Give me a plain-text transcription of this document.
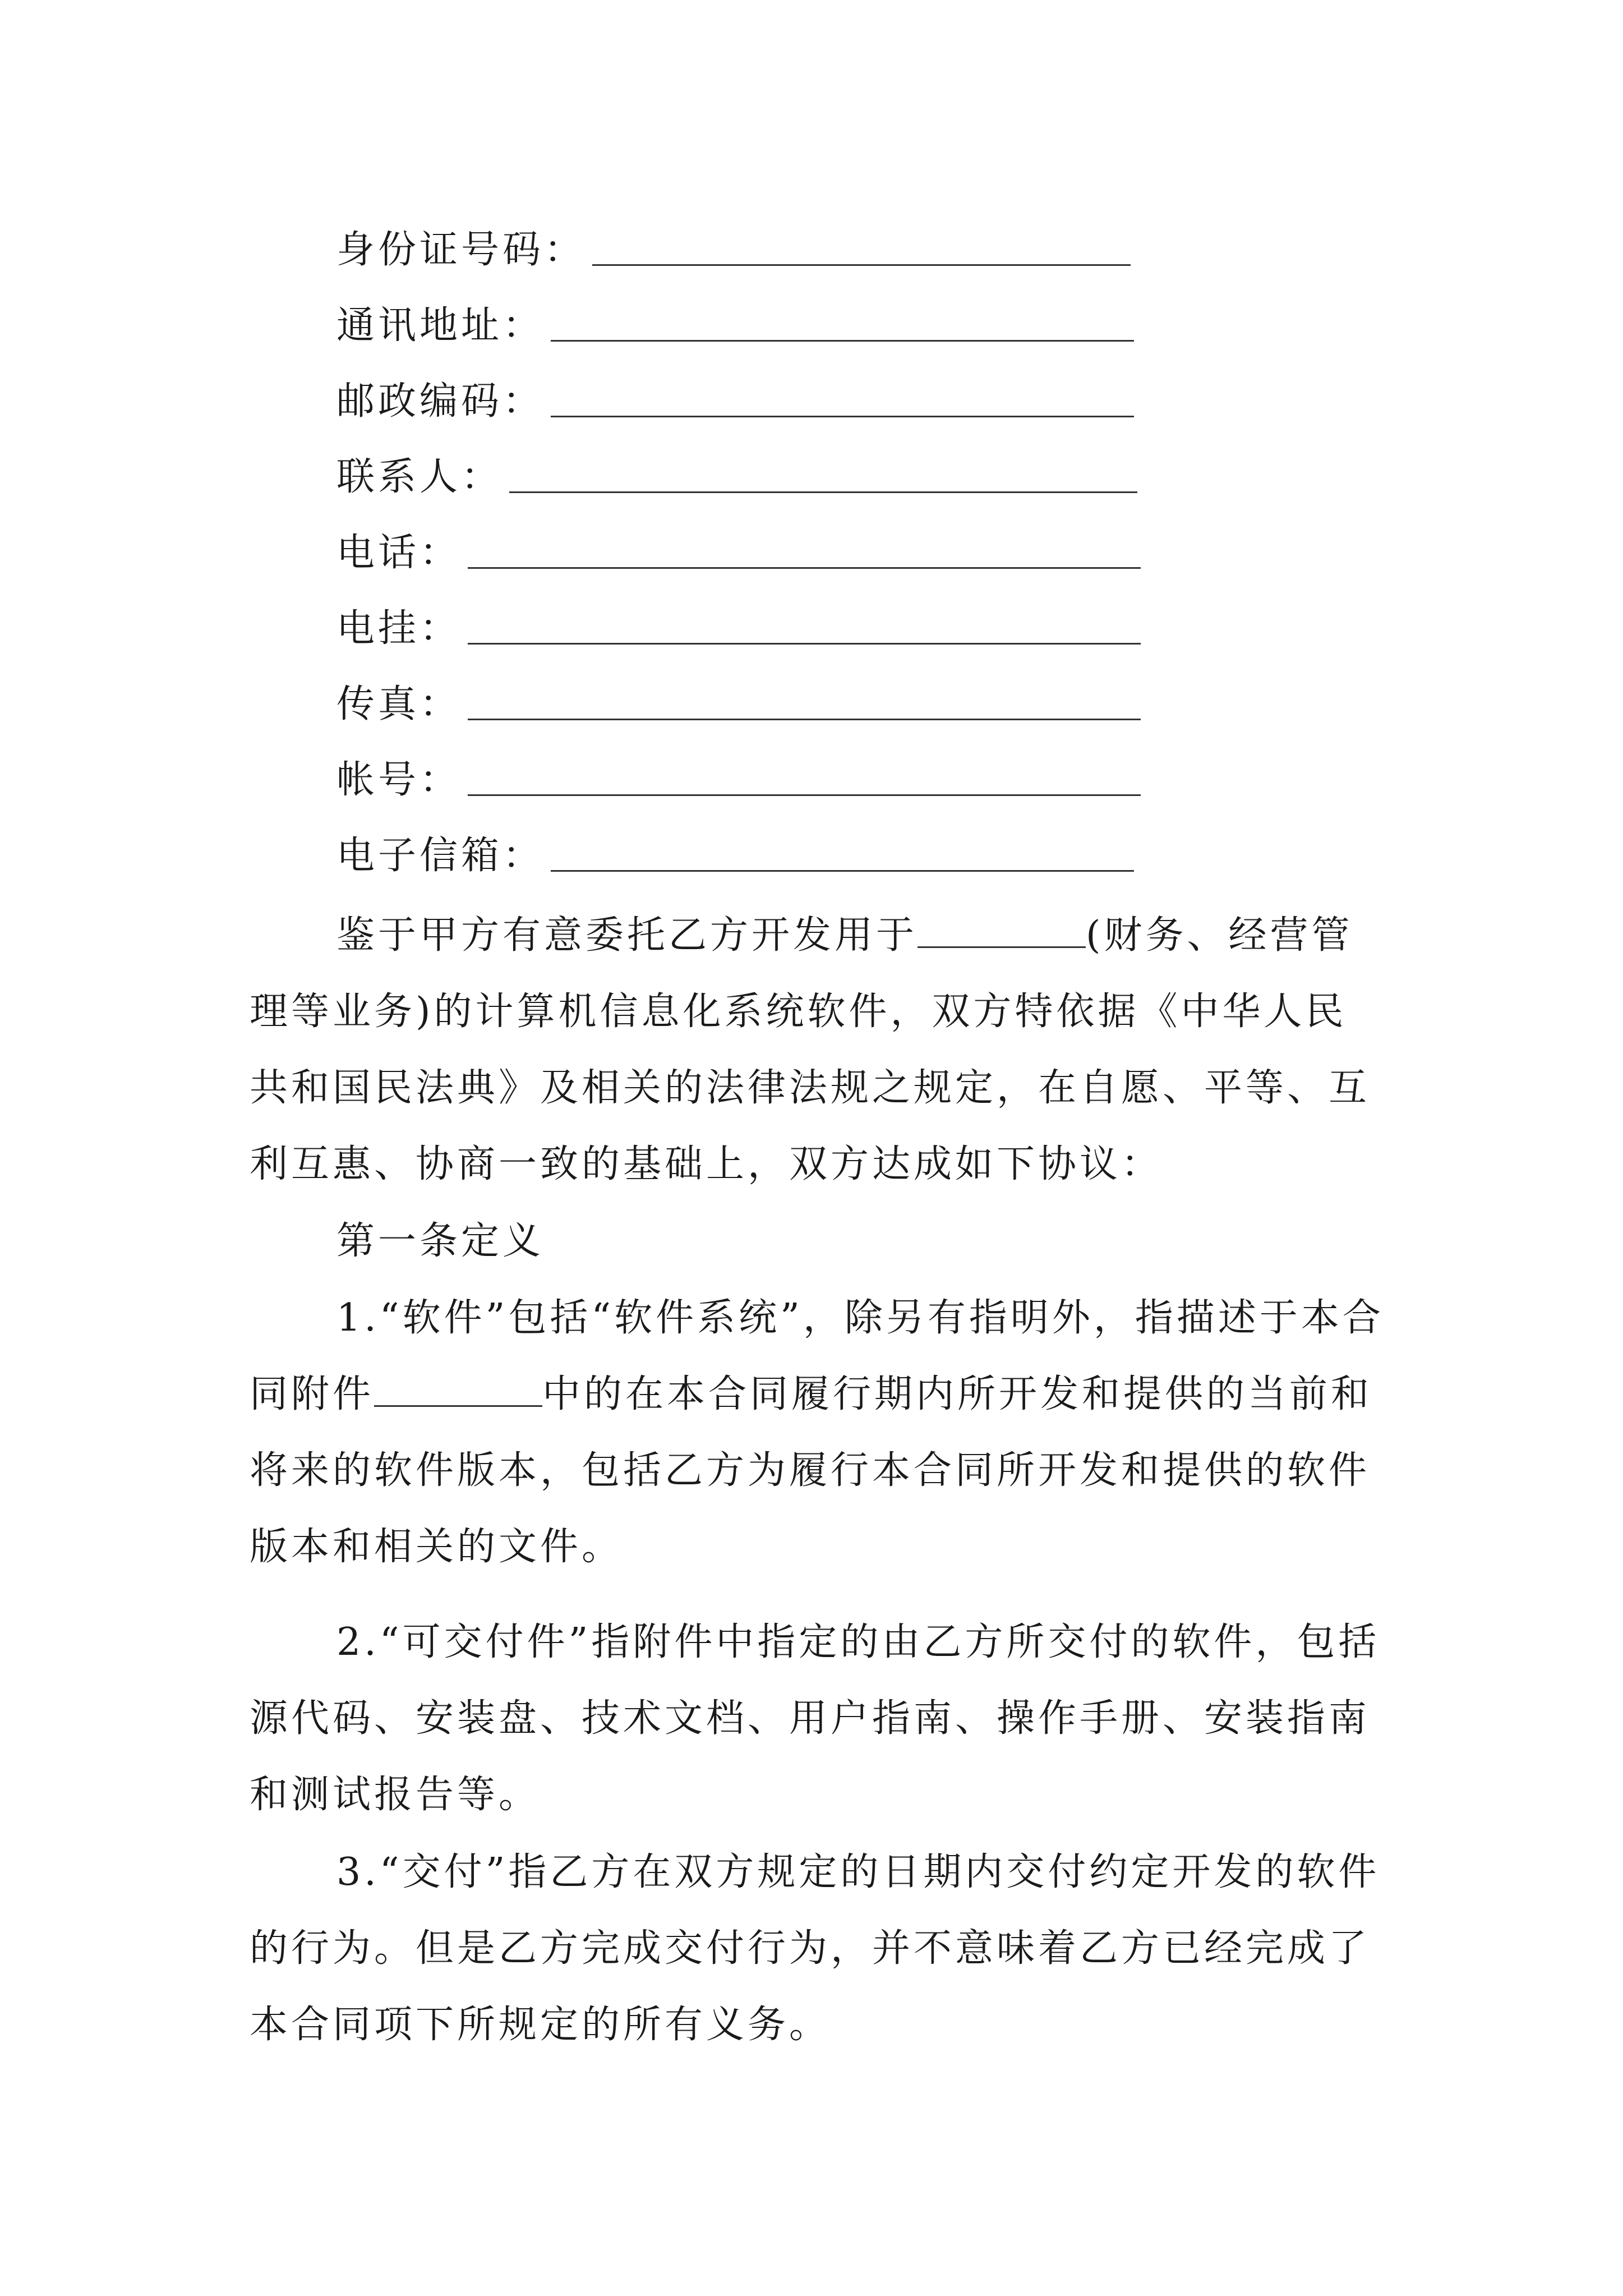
身份证号码：
通讯地址：
邮政编码：
联系人：
电话：
电挂：
传真：
帐号：
电子信箱：

鉴于甲方有意委托乙方开发用于	(财务、经营管理等业务)的计算机信息化系统软件，双方特依据《中华人民共和国民法典》及相关的法律法规之规定，在自愿、平等、互利互惠、协商一致的基础上，双方达成如下协议：

第一条定义

1.“软件”包括“软件系统”，除另有指明外，指描述于本合同附件	中的在本合同履行期内所开发和提供的当前和将来的软件版本，包括乙方为履行本合同所开发和提供的软件版本和相关的文件。

2.“可交付件”指附件中指定的由乙方所交付的软件，包括源代码、安装盘、技术文档、用户指南、操作手册、安装指南和测试报告等。

3.“交付”指乙方在双方规定的日期内交付约定开发的软件的行为。但是乙方完成交付行为，并不意味着乙方已经完成了本合同项下所规定的所有义务。
